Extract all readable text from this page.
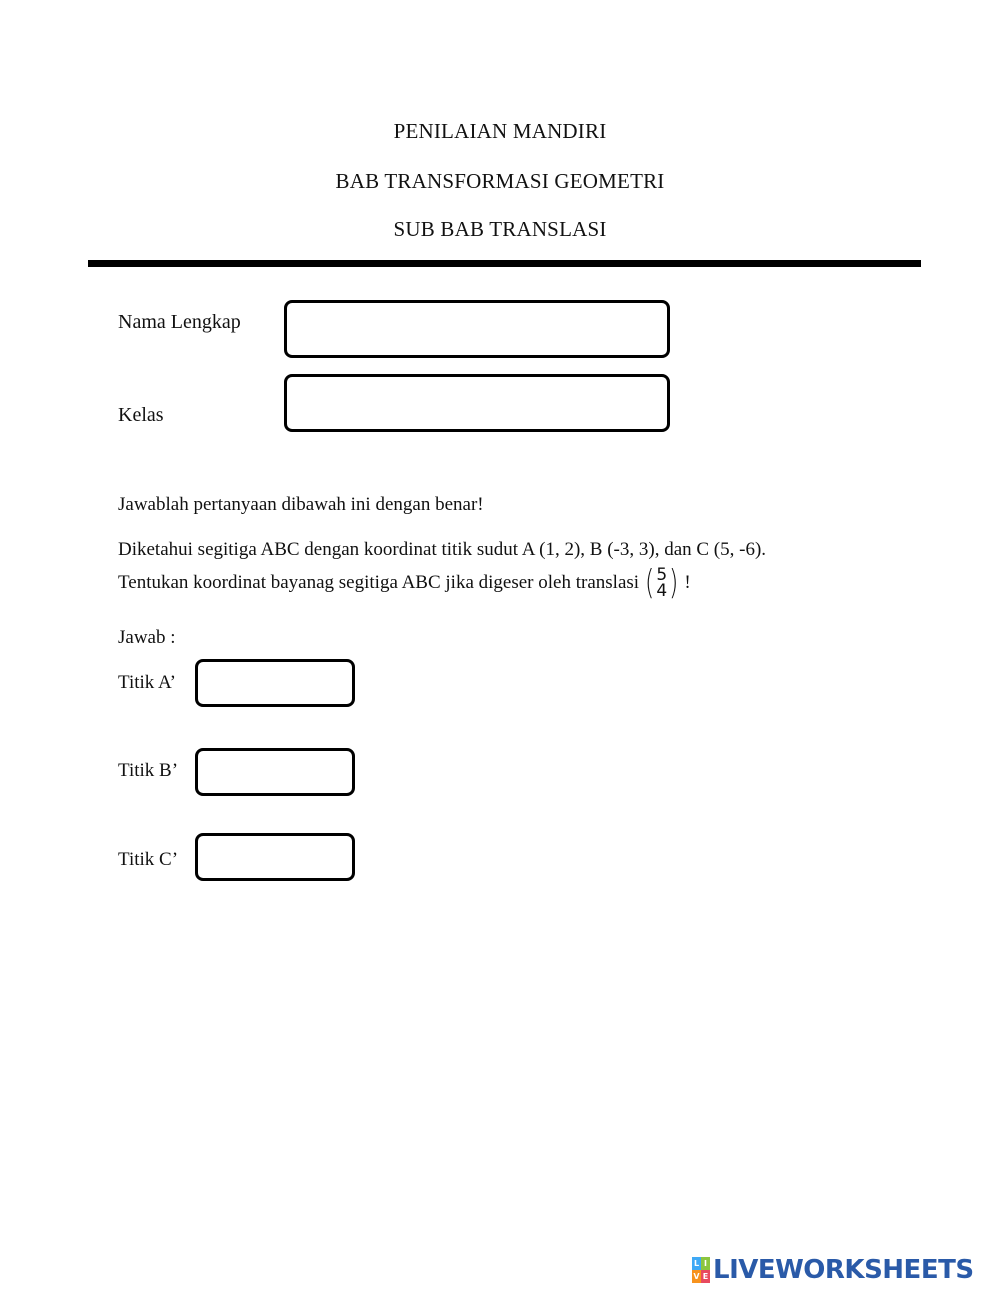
PENILAIAN MANDIRI
BAB TRANSFORMASI GEOMETRI
SUB BAB TRANSLASI
Nama Lengkap
Kelas
Jawablah pertanyaan dibawah ini dengan benar!
Diketahui segitiga ABC dengan koordinat titik sudut A (1, 2), B (-3, 3), dan C (5, -6).
Tentukan koordinat bayanag segitiga ABC jika digeser oleh translasi ( 5
4 ) !
Jawab :
Titik A’
Titik B’
Titik C’
L I
V E LIVEWORKSHEETS
